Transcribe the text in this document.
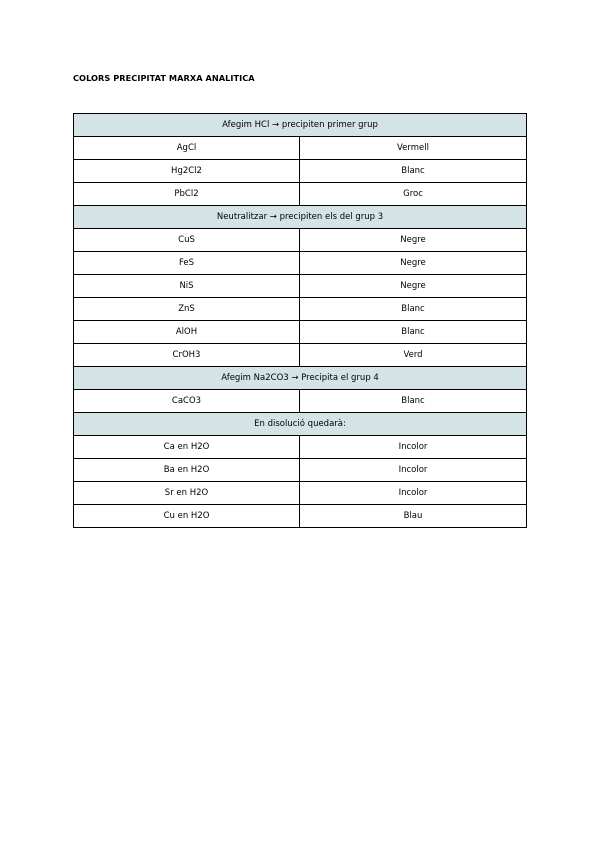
COLORS PRECIPITAT MARXA ANALITICA
Afegim HCl → precipiten primer grup	
AgCl	Vermell
Hg2Cl2	Blanc
PbCl2	Groc
Neutralitzar → precipiten els del grup 3	
CuS	Negre
FeS	Negre
NiS	Negre
ZnS	Blanc
AlOH	Blanc
CrOH3	Verd
Afegim Na2CO3 → Precipita el grup 4	
CaCO3	Blanc
En disolució quedarà:	
Ca en H2O	Incolor
Ba en H2O	Incolor
Sr en H2O	Incolor
Cu en H2O	Blau
